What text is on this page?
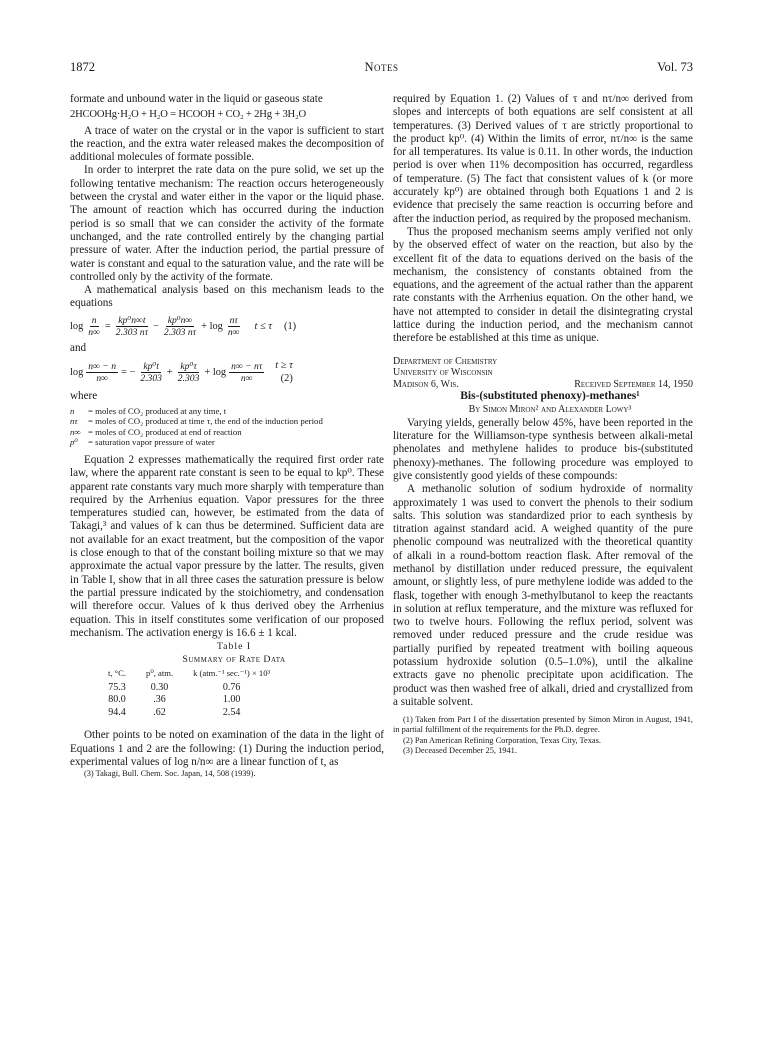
1872	Notes	Vol. 73

formate and unbound water in the liquid or gaseous state

2HCOOHg·H₂O + H₂O = HCOOH + CO₂ + 2Hg + 3H₂O

A trace of water on the crystal or in the vapor is sufficient to start the reaction, and the extra water released makes the decomposition of additional molecules of formate possible.

In order to interpret the rate data on the pure solid, we set up the following tentative mechanism: The reaction occurs heterogeneously between the crystal and water either in the vapor or the liquid phase. The amount of reaction which has occurred during the induction period is so small that we can consider the activity of the formate unchanged, and the rate controlled entirely by the changing partial pressure of water. After the induction period, the partial pressure of water is constant and equal to the saturation value, and the rate will be controlled only by the activity of the formate.

A mathematical analysis based on this mechanism leads to the equations

$\log \frac{n}{n\infty} = \frac{\text{kp⁰n∞t}}{2.303 n\tau} - \frac{\text{kp⁰n∞}}{2.303 n\tau} + \log \frac{n\tau}{n\infty}$ t ≤ τ (1)

and

$\log \frac{n\infty - n}{n\infty}$ = − $\frac{\text{kp⁰t}}{2.303} + \frac{\text{kp⁰τ}}{2.303} + \log \frac{n\infty - n\tau}{n\infty}$ t ≥ τ
(2)

where

n	= moles of CO₂ produced at any time, t
nτ	= moles of CO₂ produced at time τ, the end of the induction period
n∞ = moles of CO₂ produced at end of reaction
p⁰	= saturation vapor pressure of water

Equation 2 expresses mathematically the required first order rate law, where the apparent rate constant is seen to be equal to kp⁰. These apparent rate constants vary much more sharply with temperature than required by the Arrhenius equation. Vapor pressures for the three temperatures studied can, however, be estimated from the data of Takagi,³ and values of k can thus be determined. Sufficient data are not available for an exact treatment, but the composition of the vapor is close enough to that of the constant boiling mixture so that we may approximate the actual vapor pressure by the latter. The results, given in Table I, show that in all three cases the saturation pressure is below the partial pressure indicated by the stoichiometry, and condensation will therefore occur. Values of k thus derived obey the Arrhenius equation. This in itself constitutes some verification of our proposed mechanism. The activation energy is 16.6 ± 1 kcal.

Table I

Summary of Rate Data

t, °C.	p⁰, atm.	k (atm.⁻¹ sec.⁻¹) × 10³
75.3	0.30	0.76
80.0	.36	1.00
94.4	.62	2.54

Other points to be noted on examination of the data in the light of Equations 1 and 2 are the following: (1) During the induction period, experimental values of log n/n∞ are a linear function of t, as

(3) Takagi, Bull. Chem. Soc. Japan, 14, 508 (1939).

required by Equation 1. (2) Values of τ and nτ/n∞ derived from slopes and intercepts of both equations are self consistent at all temperatures. (3) Derived values of τ are strictly proportional to the product kp⁰. (4) Within the limits of error, nτ/n∞ is the same for all temperatures. Its value is 0.11. In other words, the induction period is over when 11% decomposition has occurred, regardless of temperature. (5) The fact that consistent values of k (or more accurately kp⁰) are obtained through both Equations 1 and 2 is evidence that precisely the same reaction is occurring before and after the induction period, as required by the proposed mechanism.

Thus the proposed mechanism seems amply verified not only by the observed effect of water on the reaction, but also by the excellent fit of the data to equations derived on the basis of the mechanism, the consistency of constants obtained from the equations, and the agreement of the actual rather than the apparent rate constants with the Arrhenius equation. On the other hand, we have not attempted to consider in detail the disintegrating crystal lattice during the induction period, and the mechanism cannot therefore be established at this time as unique.

Department of Chemistry
University of Wisconsin
Madison 6, Wis.	Received September 14, 1950

Bis-(substituted phenoxy)-methanes¹

By Simon Miron² and Alexander Lowy³

Varying yields, generally below 45%, have been reported in the literature for the Williamson-type synthesis between alkali-metal phenolates and methylene halides to produce bis-(substituted phenoxy)-methanes. The following procedure was employed to give consistently good yields of these compounds:

A methanolic solution of sodium hydroxide of normality approximately 1 was used to convert the phenols to their sodium salts. This solution was standardized prior to each synthesis by titration against standard acid. A weighed quantity of the pure phenolic compound was neutralized with the theoretical quantity of alkali in a round-bottom reaction flask. After removal of the methanol by distillation under reduced pressure, the equivalent amount, or slightly less, of pure methylene iodide was added to the flask, together with enough 3-methylbutanol to keep the reactants in solution at reflux temperature, and the mixture was refluxed for two to twelve hours. Following the reflux period, solvent was removed under reduced pressure and the crude residue was partially purified by repeated treatment with boiling aqueous potassium hydroxide solution (0.5–1.0%), until the alkaline extracts gave no phenolic precipitate upon acidification. The product was then washed free of alkali, dried and crystallized from a suitable solvent.

(1) Taken from Part I of the dissertation presented by Simon Miron in August, 1941, in partial fulfillment of the requirements for the Ph.D. degree.

(2) Pan American Refining Corporation, Texas City, Texas.

(3) Deceased December 25, 1941.
